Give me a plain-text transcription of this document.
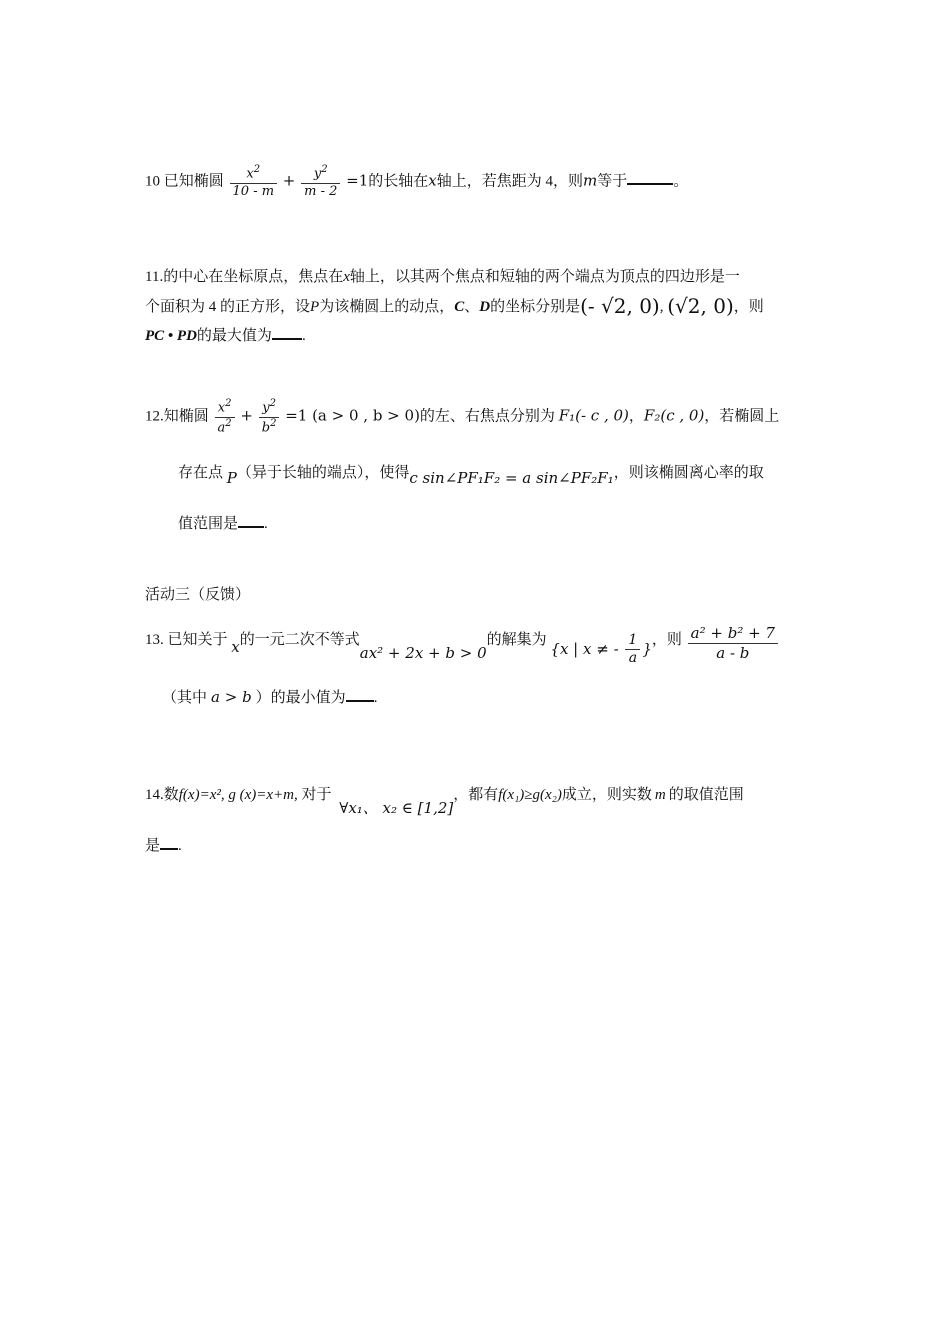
10 已知椭圆 $\frac{x^2}{10 - m} + \frac{y^2}{m - 2} =1$的长轴在x轴上，若焦距为 4，则m等于	。
11.的中心在坐标原点，焦点在x轴上，以其两个焦点和短轴的两个端点为顶点的四边形是一
个面积为 4 的正方形，设P为该椭圆上的动点，C、D的坐标分别是(- √2, 0), (√2, 0)，则
PC • PD的最大值为 .
12.知椭圆 $\frac{x^2}{a^2} + \frac{y^2}{b^2} =1$ (a > 0 , b > 0)的左、右焦点分别为 F₁(- c , 0)，F₂(c , 0)，若椭圆上
存在点 P（异于长轴的端点），使得c sin∠PF₁F₂ = a sin∠PF₂F₁，则该椭圆离心率的取
值范围是 .
活动三（反馈）
13. 已知关于 x的一元二次不等式ax² + 2x + b > 0的解集为 {x | x ≠ - $\frac{1}{a}$ }，则 $\frac{\text{a² + b² + 7}}{a - b}$
（其中 a > b ）的最小值为 .
14.数f(x)=x², g (x)=x+m, 对于 ∀x₁、 x₂ ∈ [1,2]，都有f(x₁)≥g(x₂)成立，则实数 m 的取值范围
是 .
